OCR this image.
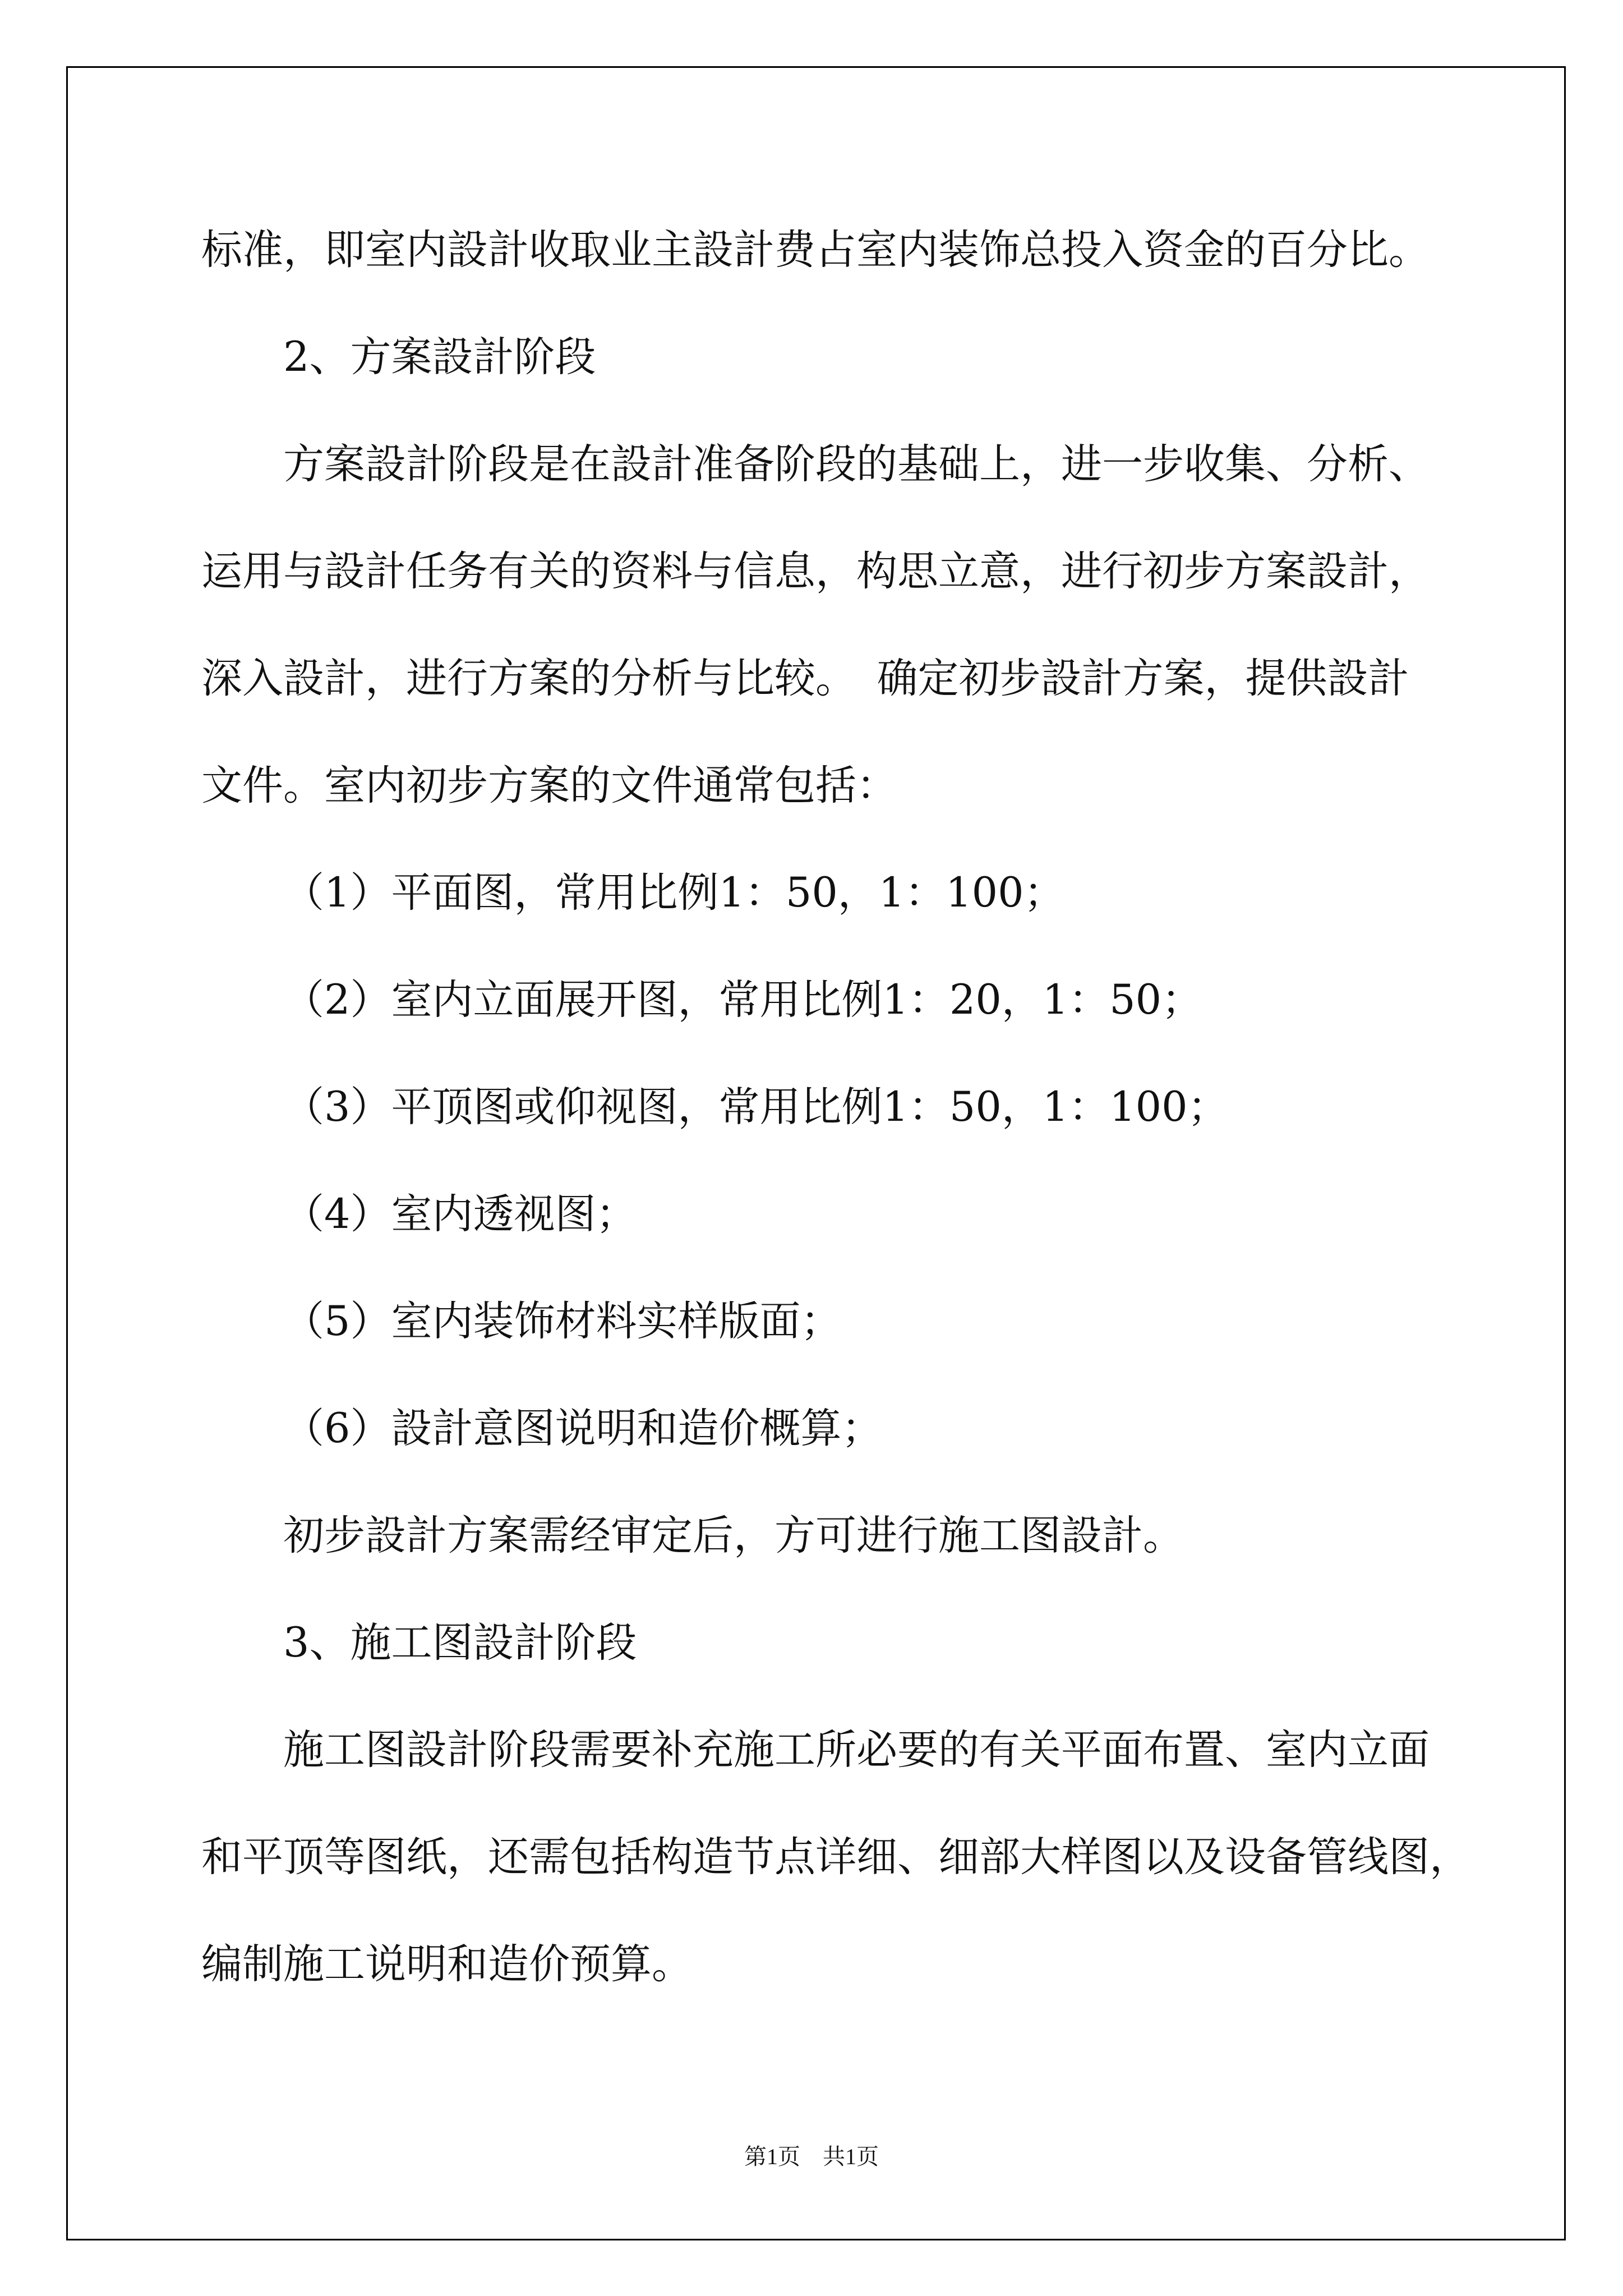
标准，即室内設計收取业主設計费占室内装饰总投入资金的百分比。
2、方案設計阶段
方案設計阶段是在設計准备阶段的基础上，进一步收集、分析、
运用与設計任务有关的资料与信息，构思立意，进行初步方案設計，
深入設計，进行方案的分析与比较。　确定初步設計方案，提供設計
文件。室内初步方案的文件通常包括：
（1）平面图，常用比例1：50，1：100；
（2）室内立面展开图，常用比例1：20，1：50；
（3）平顶图或仰视图，常用比例1：50，1：100；
（4）室内透视图；
（5）室内装饰材料实样版面；
（6）設計意图说明和造价概算；
初步設計方案需经审定后，方可进行施工图設計。
3、施工图設計阶段
施工图設計阶段需要补充施工所必要的有关平面布置、室内立面
和平顶等图纸，还需包括构造节点详细、细部大样图以及设备管线图，
编制施工说明和造价预算。
第1页 共1页
